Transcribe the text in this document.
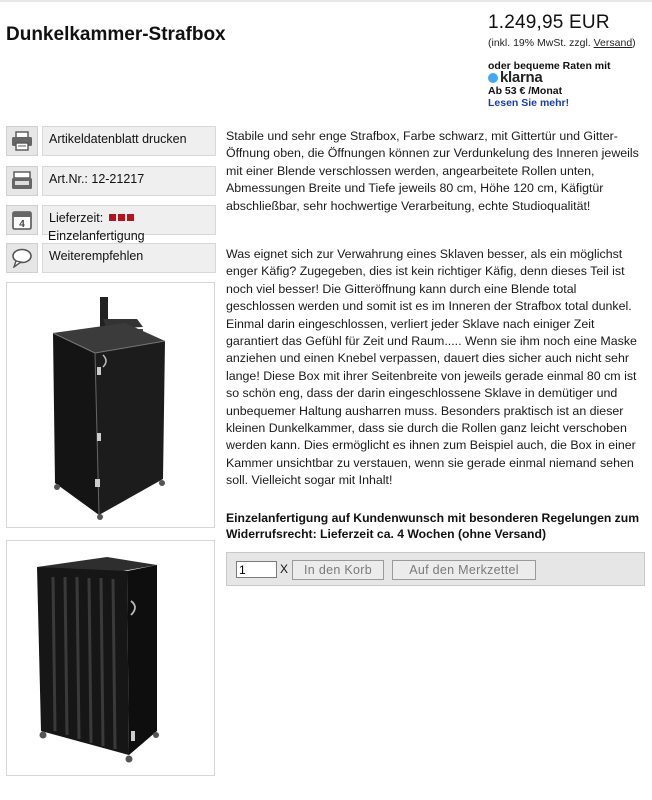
Dunkelkammer-Strafbox
1.249,95 EUR
(inkl. 19% MwSt. zzgl. Versand)
oder bequeme Raten mit
klarna
Ab 53 € /Monat
Lesen Sie mehr!
Artikeldatenblatt drucken
Art.Nr.: 12-21217
4	Lieferzeit:
Einzelanfertigung
Weiterempfehlen
Stabile und sehr enge Strafbox, Farbe schwarz, mit Gittertür und Gitter-Öffnung oben, die Öffnungen können zur Verdunkelung des Inneren jeweils mit einer Blende verschlossen werden, angearbeitete Rollen unten, Abmessungen Breite und Tiefe jeweils 80 cm, Höhe 120 cm, Käfigtür abschließbar, sehr hochwertige Verarbeitung, echte Studioqualität!
Was eignet sich zur Verwahrung eines Sklaven besser, als ein möglichst enger Käfig? Zugegeben, dies ist kein richtiger Käfig, denn dieses Teil ist noch viel besser! Die Gitteröffnung kann durch eine Blende total geschlossen werden und somit ist es im Inneren der Strafbox total dunkel. Einmal darin eingeschlossen, verliert jeder Sklave nach einiger Zeit garantiert das Gefühl für Zeit und Raum..... Wenn sie ihm noch eine Maske anziehen und einen Knebel verpassen, dauert dies sicher auch nicht sehr lange! Diese Box mit ihrer Seitenbreite von jeweils gerade einmal 80 cm ist so schön eng, dass der darin eingeschlossene Sklave in demütiger und unbequemer Haltung ausharren muss. Besonders praktisch ist an dieser kleinen Dunkelkammer, dass sie durch die Rollen ganz leicht verschoben werden kann. Dies ermöglicht es ihnen zum Beispiel auch, die Box in einer Kammer unsichtbar zu verstauen, wenn sie gerade einmal niemand sehen soll. Vielleicht sogar mit Inhalt!
Einzelanfertigung auf Kundenwunsch mit besonderen Regelungen zum Widerrufsrecht: Lieferzeit ca. 4 Wochen (ohne Versand)
1
X	In den Korb	Auf den Merkzettel
